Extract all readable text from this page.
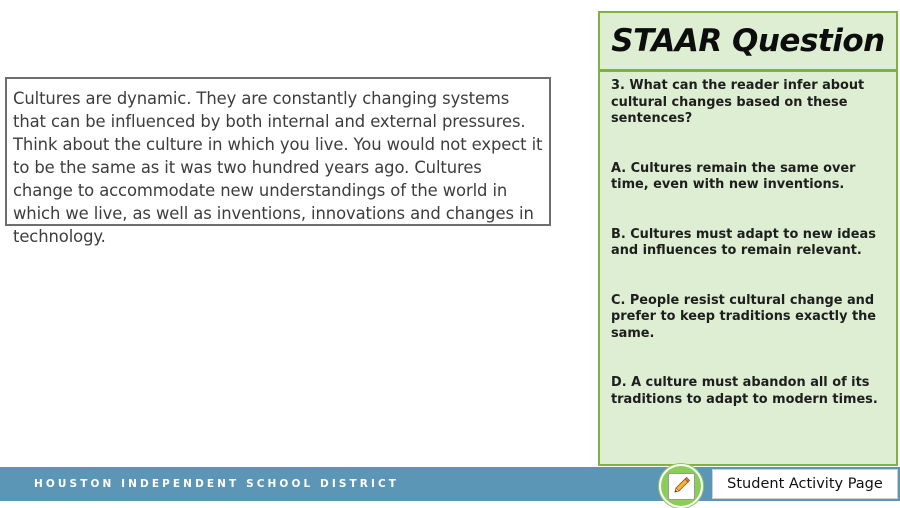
Cultures are dynamic. They are constantly changing systems that can be influenced by both internal and external pressures. Think about the culture in which you live. You would not expect it to be the same as it was two hundred years ago. Cultures change to accommodate new understandings of the world in which we live, as well as inventions, innovations and changes in technology.

STAAR Question

3. What can the reader infer about cultural changes based on these sentences?

A. Cultures remain the same over time, even with new inventions.

B. Cultures must adapt to new ideas and influences to remain relevant.

C. People resist cultural change and prefer to keep traditions exactly the same.

D. A culture must abandon all of its traditions to adapt to modern times.

HOUSTON INDEPENDENT SCHOOL DISTRICT	Student Activity Page
